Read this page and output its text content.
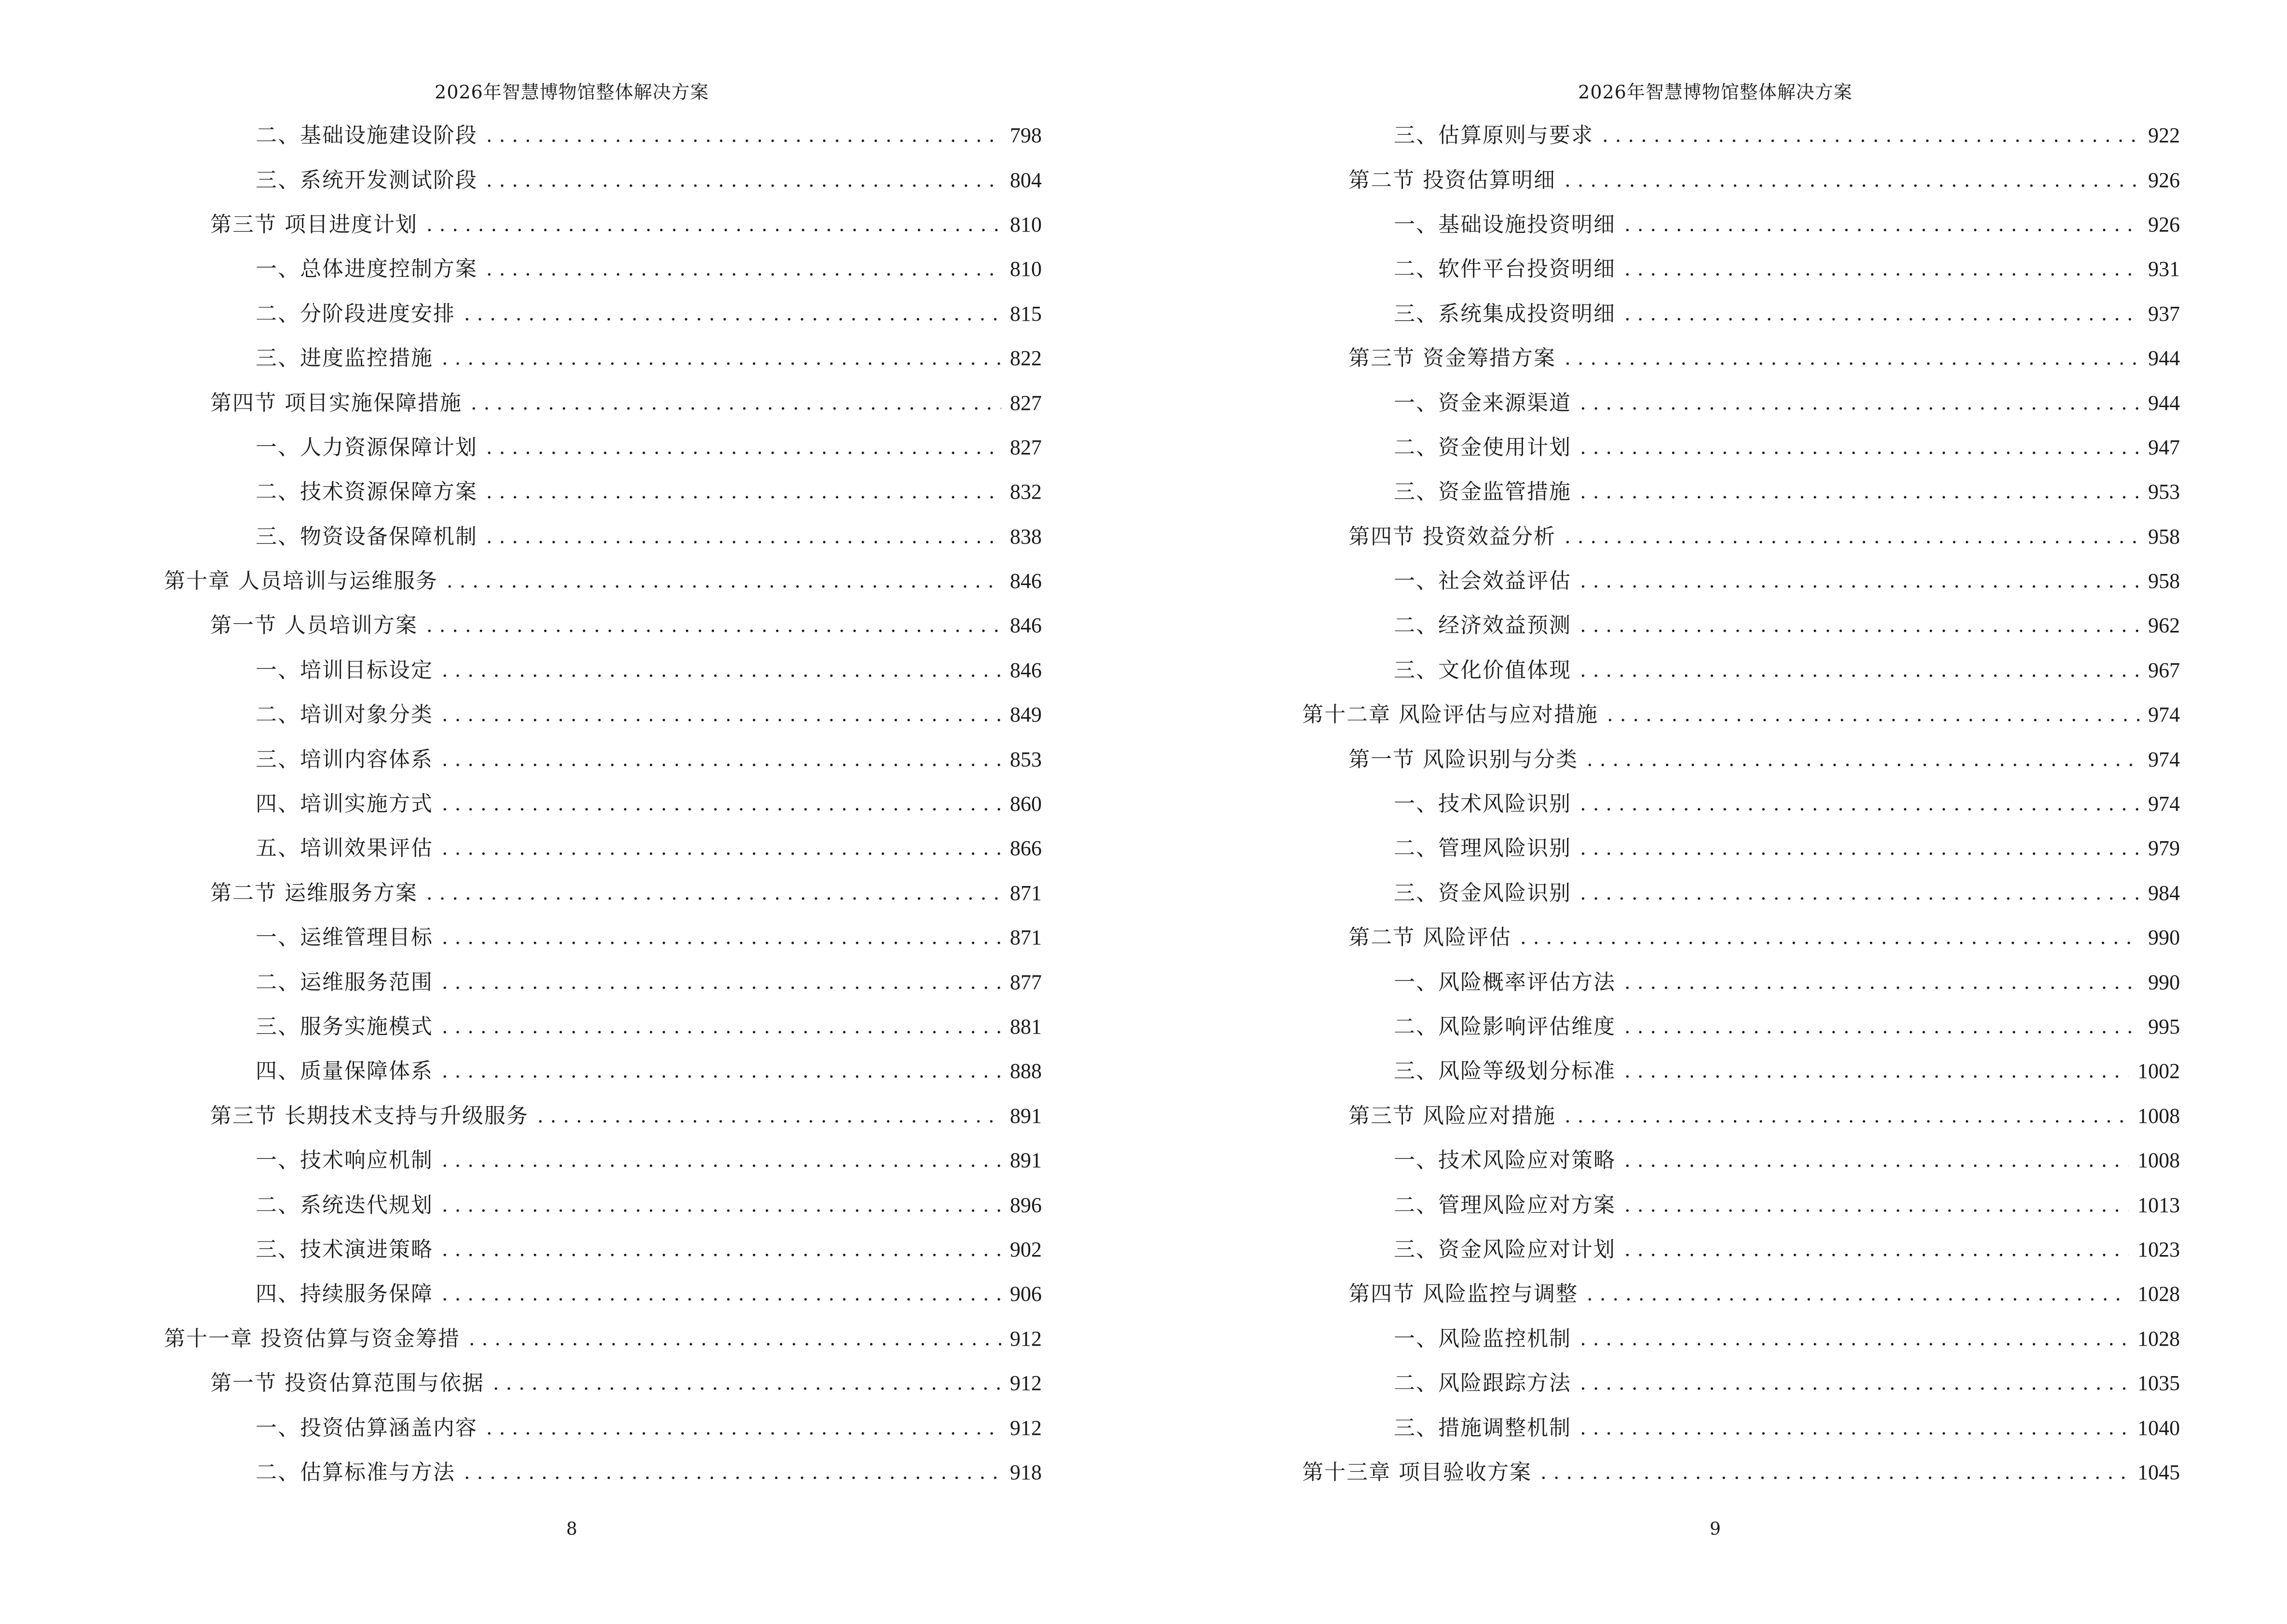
2026年智慧博物馆整体解决方案
二、基础设施建设阶段 .....	798
三、系统开发测试阶段 .....	804
第三节 项目进度计划 .....	810
一、总体进度控制方案 .....	810
二、分阶段进度安排 .....	815
三、进度监控措施 .....	822
第四节 项目实施保障措施 .....	827
一、人力资源保障计划 .....	827
二、技术资源保障方案 .....	832
三、物资设备保障机制 .....	838
第十章 人员培训与运维服务 .....	846
第一节 人员培训方案 .....	846
一、培训目标设定 .....	846
二、培训对象分类 .....	849
三、培训内容体系 .....	853
四、培训实施方式 .....	860
五、培训效果评估 .....	866
第二节 运维服务方案 .....	871
一、运维管理目标 .....	871
二、运维服务范围 .....	877
三、服务实施模式 .....	881
四、质量保障体系 .....	888
第三节 长期技术支持与升级服务 .....	891
一、技术响应机制 .....	891
二、系统迭代规划 .....	896
三、技术演进策略 .....	902
四、持续服务保障 .....	906
第十一章 投资估算与资金筹措 .....	912
第一节 投资估算范围与依据 .....	912
一、投资估算涵盖内容 .....	912
二、估算标准与方法 .....	918
8
2026年智慧博物馆整体解决方案
三、估算原则与要求 .....	922
第二节 投资估算明细 .....	926
一、基础设施投资明细 .....	926
二、软件平台投资明细 .....	931
三、系统集成投资明细 .....	937
第三节 资金筹措方案 .....	944
一、资金来源渠道 .....	944
二、资金使用计划 .....	947
三、资金监管措施 .....	953
第四节 投资效益分析 .....	958
一、社会效益评估 .....	958
二、经济效益预测 .....	962
三、文化价值体现 .....	967
第十二章 风险评估与应对措施 .....	974
第一节 风险识别与分类 .....	974
一、技术风险识别 .....	974
二、管理风险识别 .....	979
三、资金风险识别 .....	984
第二节 风险评估 .....	990
一、风险概率评估方法 .....	990
二、风险影响评估维度 .....	995
三、风险等级划分标准 .....	1002
第三节 风险应对措施 .....	1008
一、技术风险应对策略 .....	1008
二、管理风险应对方案 .....	1013
三、资金风险应对计划 .....	1023
第四节 风险监控与调整 .....	1028
一、风险监控机制 .....	1028
二、风险跟踪方法 .....	1035
三、措施调整机制 .....	1040
第十三章 项目验收方案 .....	1045
9
